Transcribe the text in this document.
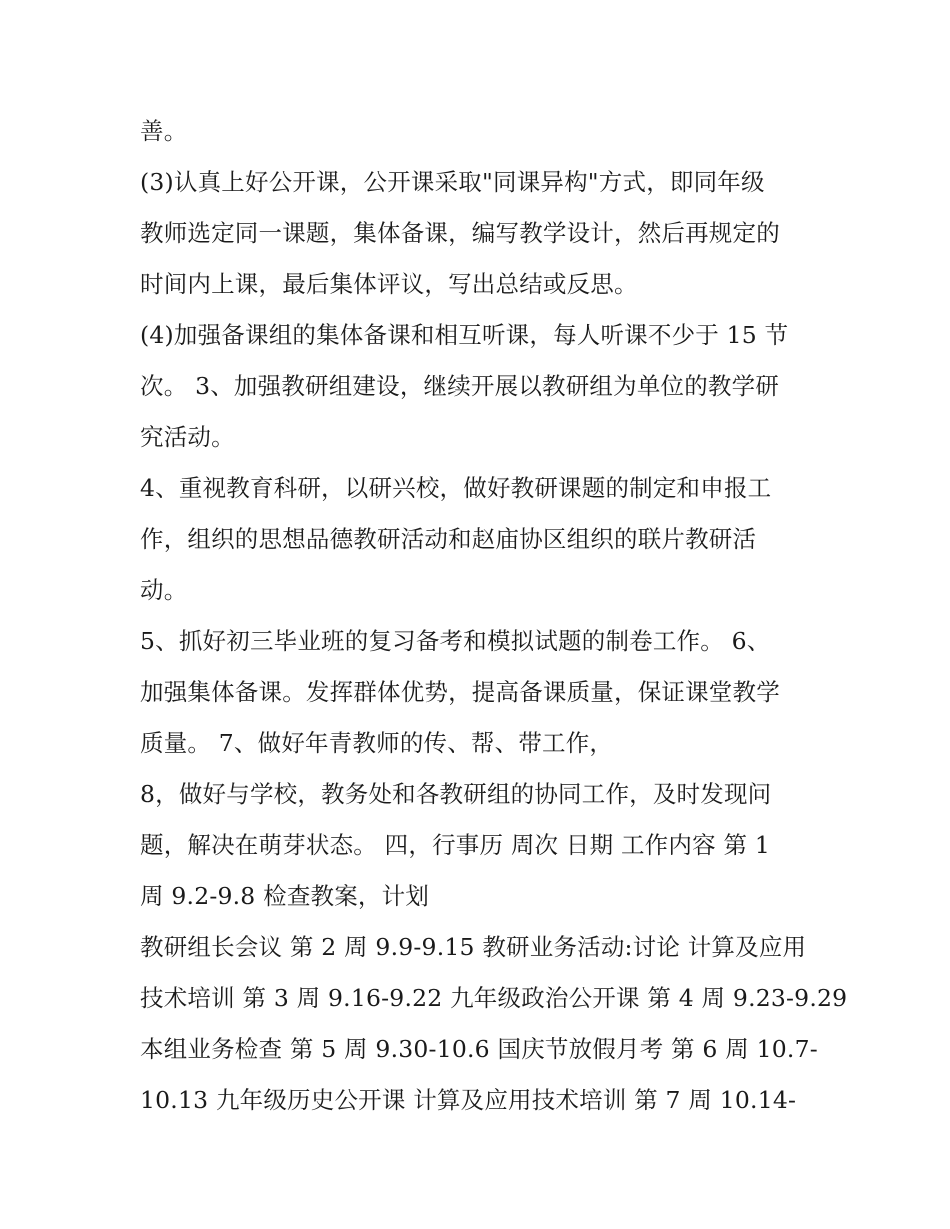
善。
(3)认真上好公开课，公开课采取"同课异构"方式，即同年级
教师选定同一课题，集体备课，编写教学设计，然后再规定的
时间内上课，最后集体评议，写出总结或反思。
(4)加强备课组的集体备课和相互听课，每人听课不少于 15 节
次。 3、加强教研组建设，继续开展以教研组为单位的教学研
究活动。
4、重视教育科研，以研兴校，做好教研课题的制定和申报工
作，组织的思想品德教研活动和赵庙协区组织的联片教研活
动。
5、抓好初三毕业班的复习备考和模拟试题的制卷工作。 6、
加强集体备课。发挥群体优势，提高备课质量，保证课堂教学
质量。 7、做好年青教师的传、帮、带工作，
8，做好与学校，教务处和各教研组的协同工作，及时发现问
题，解决在萌芽状态。 四，行事历 周次 日期 工作内容 第 1
周 9.2-9.8 检查教案，计划
教研组长会议 第 2 周 9.9-9.15 教研业务活动:讨论 计算及应用
技术培训 第 3 周 9.16-9.22 九年级政治公开课 第 4 周 9.23-9.29
本组业务检查 第 5 周 9.30-10.6 国庆节放假月考 第 6 周 10.7-
10.13 九年级历史公开课 计算及应用技术培训 第 7 周 10.14-
